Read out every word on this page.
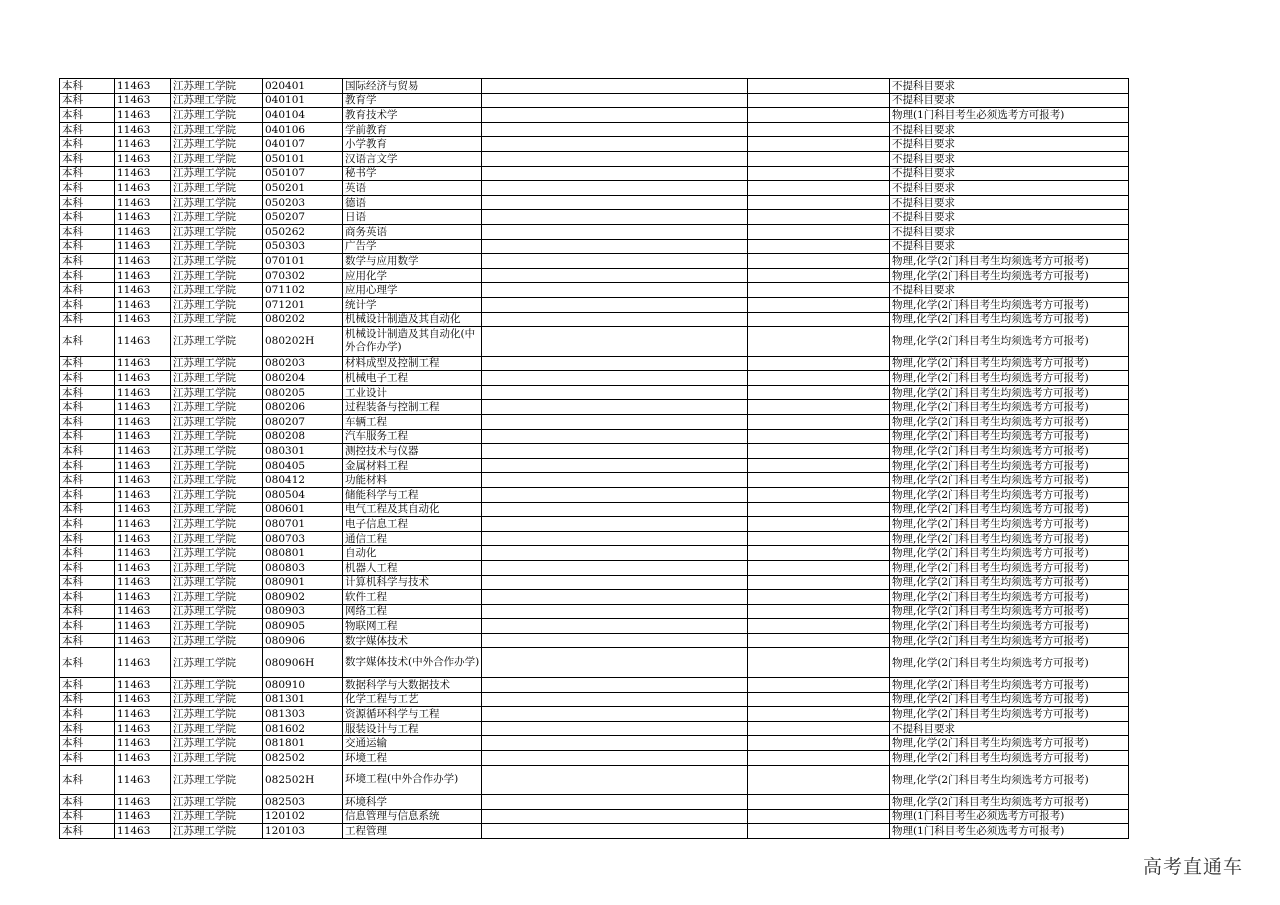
本科	11463	江苏理工学院	020401	国际经济与贸易			不提科目要求
本科	11463	江苏理工学院	040101	教育学			不提科目要求
本科	11463	江苏理工学院	040104	教育技术学			物理(1门科目考生必须选考方可报考)
本科	11463	江苏理工学院	040106	学前教育			不提科目要求
本科	11463	江苏理工学院	040107	小学教育			不提科目要求
本科	11463	江苏理工学院	050101	汉语言文学			不提科目要求
本科	11463	江苏理工学院	050107	秘书学			不提科目要求
本科	11463	江苏理工学院	050201	英语			不提科目要求
本科	11463	江苏理工学院	050203	德语			不提科目要求
本科	11463	江苏理工学院	050207	日语			不提科目要求
本科	11463	江苏理工学院	050262	商务英语			不提科目要求
本科	11463	江苏理工学院	050303	广告学			不提科目要求
本科	11463	江苏理工学院	070101	数学与应用数学			物理,化学(2门科目考生均须选考方可报考)
本科	11463	江苏理工学院	070302	应用化学			物理,化学(2门科目考生均须选考方可报考)
本科	11463	江苏理工学院	071102	应用心理学			不提科目要求
本科	11463	江苏理工学院	071201	统计学			物理,化学(2门科目考生均须选考方可报考)
本科	11463	江苏理工学院	080202	机械设计制造及其自动化			物理,化学(2门科目考生均须选考方可报考)
本科	11463	江苏理工学院	080202H	机械设计制造及其自动化(中外合作办学)			物理,化学(2门科目考生均须选考方可报考)
本科	11463	江苏理工学院	080203	材料成型及控制工程			物理,化学(2门科目考生均须选考方可报考)
本科	11463	江苏理工学院	080204	机械电子工程			物理,化学(2门科目考生均须选考方可报考)
本科	11463	江苏理工学院	080205	工业设计			物理,化学(2门科目考生均须选考方可报考)
本科	11463	江苏理工学院	080206	过程装备与控制工程			物理,化学(2门科目考生均须选考方可报考)
本科	11463	江苏理工学院	080207	车辆工程			物理,化学(2门科目考生均须选考方可报考)
本科	11463	江苏理工学院	080208	汽车服务工程			物理,化学(2门科目考生均须选考方可报考)
本科	11463	江苏理工学院	080301	测控技术与仪器			物理,化学(2门科目考生均须选考方可报考)
本科	11463	江苏理工学院	080405	金属材料工程			物理,化学(2门科目考生均须选考方可报考)
本科	11463	江苏理工学院	080412	功能材料			物理,化学(2门科目考生均须选考方可报考)
本科	11463	江苏理工学院	080504	储能科学与工程			物理,化学(2门科目考生均须选考方可报考)
本科	11463	江苏理工学院	080601	电气工程及其自动化			物理,化学(2门科目考生均须选考方可报考)
本科	11463	江苏理工学院	080701	电子信息工程			物理,化学(2门科目考生均须选考方可报考)
本科	11463	江苏理工学院	080703	通信工程			物理,化学(2门科目考生均须选考方可报考)
本科	11463	江苏理工学院	080801	自动化			物理,化学(2门科目考生均须选考方可报考)
本科	11463	江苏理工学院	080803	机器人工程			物理,化学(2门科目考生均须选考方可报考)
本科	11463	江苏理工学院	080901	计算机科学与技术			物理,化学(2门科目考生均须选考方可报考)
本科	11463	江苏理工学院	080902	软件工程			物理,化学(2门科目考生均须选考方可报考)
本科	11463	江苏理工学院	080903	网络工程			物理,化学(2门科目考生均须选考方可报考)
本科	11463	江苏理工学院	080905	物联网工程			物理,化学(2门科目考生均须选考方可报考)
本科	11463	江苏理工学院	080906	数字媒体技术			物理,化学(2门科目考生均须选考方可报考)
本科	11463	江苏理工学院	080906H	数字媒体技术(中外合作办学)			物理,化学(2门科目考生均须选考方可报考)
本科	11463	江苏理工学院	080910	数据科学与大数据技术			物理,化学(2门科目考生均须选考方可报考)
本科	11463	江苏理工学院	081301	化学工程与工艺			物理,化学(2门科目考生均须选考方可报考)
本科	11463	江苏理工学院	081303	资源循环科学与工程			物理,化学(2门科目考生均须选考方可报考)
本科	11463	江苏理工学院	081602	服装设计与工程			不提科目要求
本科	11463	江苏理工学院	081801	交通运输			物理,化学(2门科目考生均须选考方可报考)
本科	11463	江苏理工学院	082502	环境工程			物理,化学(2门科目考生均须选考方可报考)
本科	11463	江苏理工学院	082502H	环境工程(中外合作办学)			物理,化学(2门科目考生均须选考方可报考)
本科	11463	江苏理工学院	082503	环境科学			物理,化学(2门科目考生均须选考方可报考)
本科	11463	江苏理工学院	120102	信息管理与信息系统			物理(1门科目考生必须选考方可报考)
本科	11463	江苏理工学院	120103	工程管理			物理(1门科目考生必须选考方可报考)
高考直通车
